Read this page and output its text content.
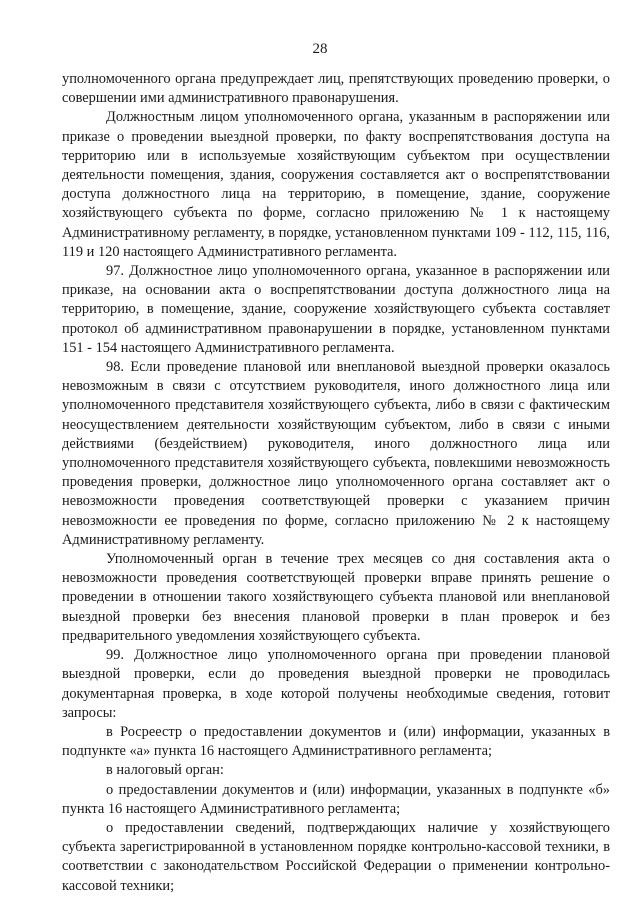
28

уполномоченного органа предупреждает лиц, препятствующих проведению проверки, о совершении ими административного правонарушения.

Должностным лицом уполномоченного органа, указанным в распоряжении или приказе о проведении выездной проверки, по факту воспрепятствования доступа на территорию или в используемые хозяйствующим субъектом при осуществлении деятельности помещения, здания, сооружения составляется акт о воспрепятствовании доступа должностного лица на территорию, в помещение, здание, сооружение хозяйствующего субъекта по форме, согласно приложению № 1 к настоящему Административному регламенту, в порядке, установленном пунктами 109 - 112, 115, 116, 119 и 120 настоящего Административного регламента.

97. Должностное лицо уполномоченного органа, указанное в распоряжении или приказе, на основании акта о воспрепятствовании доступа должностного лица на территорию, в помещение, здание, сооружение хозяйствующего субъекта составляет протокол об административном правонарушении в порядке, установленном пунктами 151 - 154 настоящего Административного регламента.

98. Если проведение плановой или внеплановой выездной проверки оказалось невозможным в связи с отсутствием руководителя, иного должностного лица или уполномоченного представителя хозяйствующего субъекта, либо в связи с фактическим неосуществлением деятельности хозяйствующим субъектом, либо в связи с иными действиями (бездействием) руководителя, иного должностного лица или уполномоченного представителя хозяйствующего субъекта, повлекшими невозможность проведения проверки, должностное лицо уполномоченного органа составляет акт о невозможности проведения соответствующей проверки с указанием причин невозможности ее проведения по форме, согласно приложению № 2 к настоящему Административному регламенту.

Уполномоченный орган в течение трех месяцев со дня составления акта о невозможности проведения соответствующей проверки вправе принять решение о проведении в отношении такого хозяйствующего субъекта плановой или внеплановой выездной проверки без внесения плановой проверки в план проверок и без предварительного уведомления хозяйствующего субъекта.

99. Должностное лицо уполномоченного органа при проведении плановой выездной проверки, если до проведения выездной проверки не проводилась документарная проверка, в ходе которой получены необходимые сведения, готовит запросы:

в Росреестр о предоставлении документов и (или) информации, указанных в подпункте «а» пункта 16 настоящего Административного регламента;

в налоговый орган:

о предоставлении документов и (или) информации, указанных в подпункте «б» пункта 16 настоящего Административного регламента;

о предоставлении сведений, подтверждающих наличие у хозяйствующего субъекта зарегистрированной в установленном порядке контрольно-кассовой техники, в соответствии с законодательством Российской Федерации о применении контрольно-кассовой техники;
